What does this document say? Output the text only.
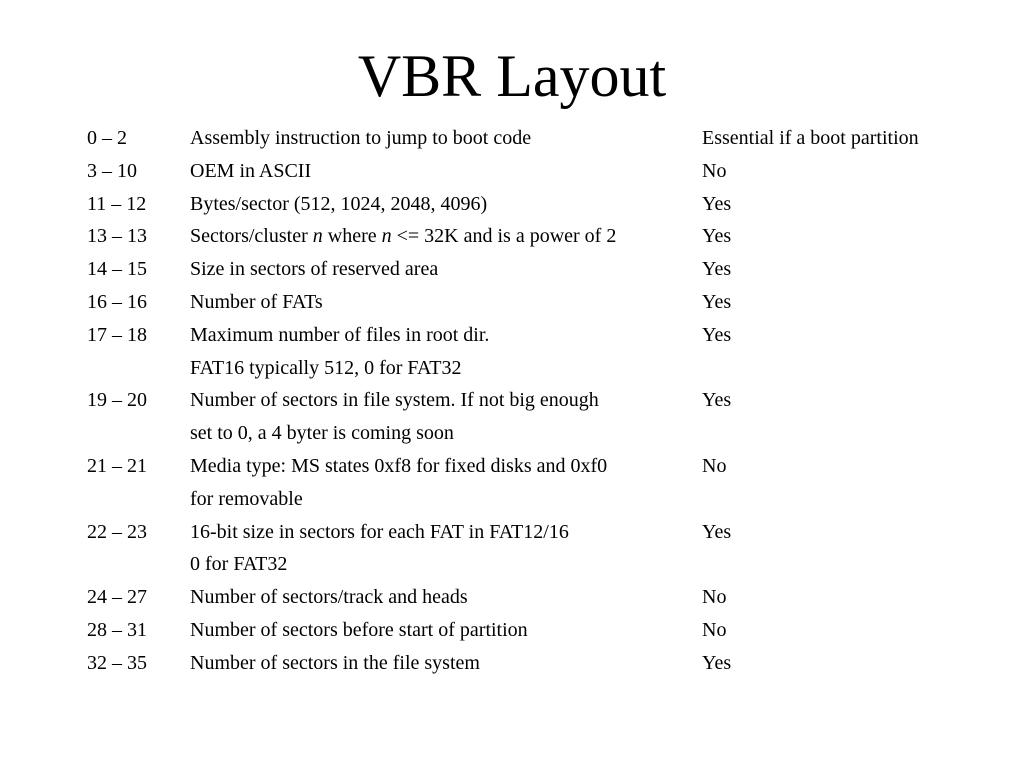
VBR Layout
0 – 2	Assembly instruction to jump to boot code	Essential if a boot partition
3 – 10	OEM in ASCII	No
11 – 12 Bytes/sector (512, 1024, 2048, 4096)	Yes
13 – 13 Sectors/cluster n where n <= 32K and is a power of 2	Yes
14 – 15 Size in sectors of reserved area	Yes
16 – 16 Number of FATs	Yes
17 – 18 Maximum number of files in root dir.	Yes
FAT16 typically 512, 0 for FAT32
19 – 20 Number of sectors in file system. If not big enough	Yes
set to 0, a 4 byter is coming soon
21 – 21 Media type: MS states 0xf8 for fixed disks and 0xf0	No
for removable
22 – 23 16-bit size in sectors for each FAT in FAT12/16	Yes
0 for FAT32
24 – 27 Number of sectors/track and heads	No
28 – 31 Number of sectors before start of partition	No
32 – 35 Number of sectors in the file system	Yes
